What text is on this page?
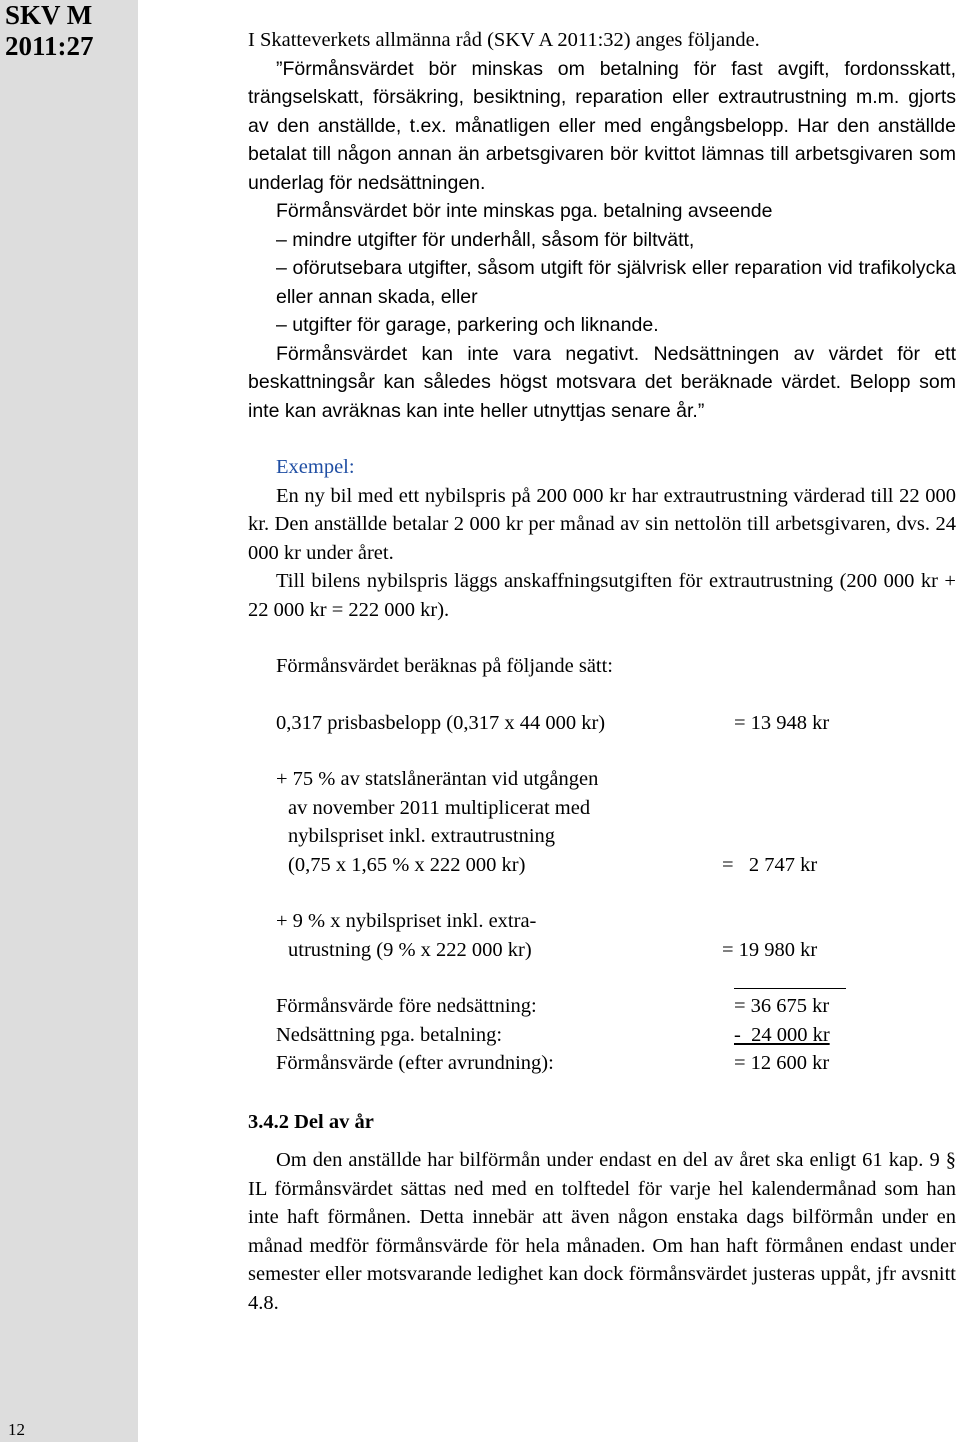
SKV M
2011:27
12

I Skatteverkets allmänna råd (SKV A 2011:32) anges följande.

”Förmånsvärdet bör minskas om betalning för fast avgift, fordonsskatt, trängselskatt, försäkring, besiktning, reparation eller extrautrustning m.m. gjorts av den anställde, t.ex. månatligen eller med engångsbelopp. Har den anställde betalat till någon annan än arbetsgivaren bör kvittot lämnas till arbetsgivaren som underlag för nedsättningen.

Förmånsvärdet bör inte minskas pga. betalning avseende

– mindre utgifter för underhåll, såsom för biltvätt,

– oförutsebara utgifter, såsom utgift för självrisk eller reparation vid trafikolycka eller annan skada, eller

– utgifter för garage, parkering och liknande.

Förmånsvärdet kan inte vara negativt. Nedsättningen av värdet för ett beskattningsår kan således högst motsvara det beräknade värdet. Belopp som inte kan avräknas kan inte heller utnyttjas senare år.”

Exempel:

En ny bil med ett nybilspris på 200 000 kr har extrautrustning värderad till 22 000 kr. Den anställde betalar 2 000 kr per månad av sin nettolön till arbetsgivaren, dvs. 24 000 kr under året.

Till bilens nybilspris läggs anskaffningsutgiften för extrautrustning (200 000 kr + 22 000 kr = 222 000 kr).

Förmånsvärdet beräknas på följande sätt:

0,317 prisbasbelopp (0,317 x 44 000 kr)	= 13 948 kr
+ 75 % av statslåneräntan vid utgången
av november 2011 multiplicerat med
nybilspriset inkl. extrautrustning
(0,75 x 1,65 % x 222 000 kr)	=   2 747 kr
+ 9 % x nybilspriset inkl. extra-
utrustning (9 % x 222 000 kr)	= 19 980 kr
Förmånsvärde före nedsättning:	= 36 675 kr
Nedsättning pga. betalning:	-  24 000 kr
Förmånsvärde (efter avrundning):	= 12 600 kr
3.4.2 Del av år

Om den anställde har bilförmån under endast en del av året ska enligt 61 kap. 9 § IL förmånsvärdet sättas ned med en tolftedel för varje hel kalendermånad som han inte haft förmånen. Detta innebär att även någon enstaka dags bilförmån under en månad medför förmånsvärde för hela månaden. Om han haft förmånen endast under semester eller motsvarande ledighet kan dock förmånsvärdet justeras uppåt, jfr avsnitt 4.8.
